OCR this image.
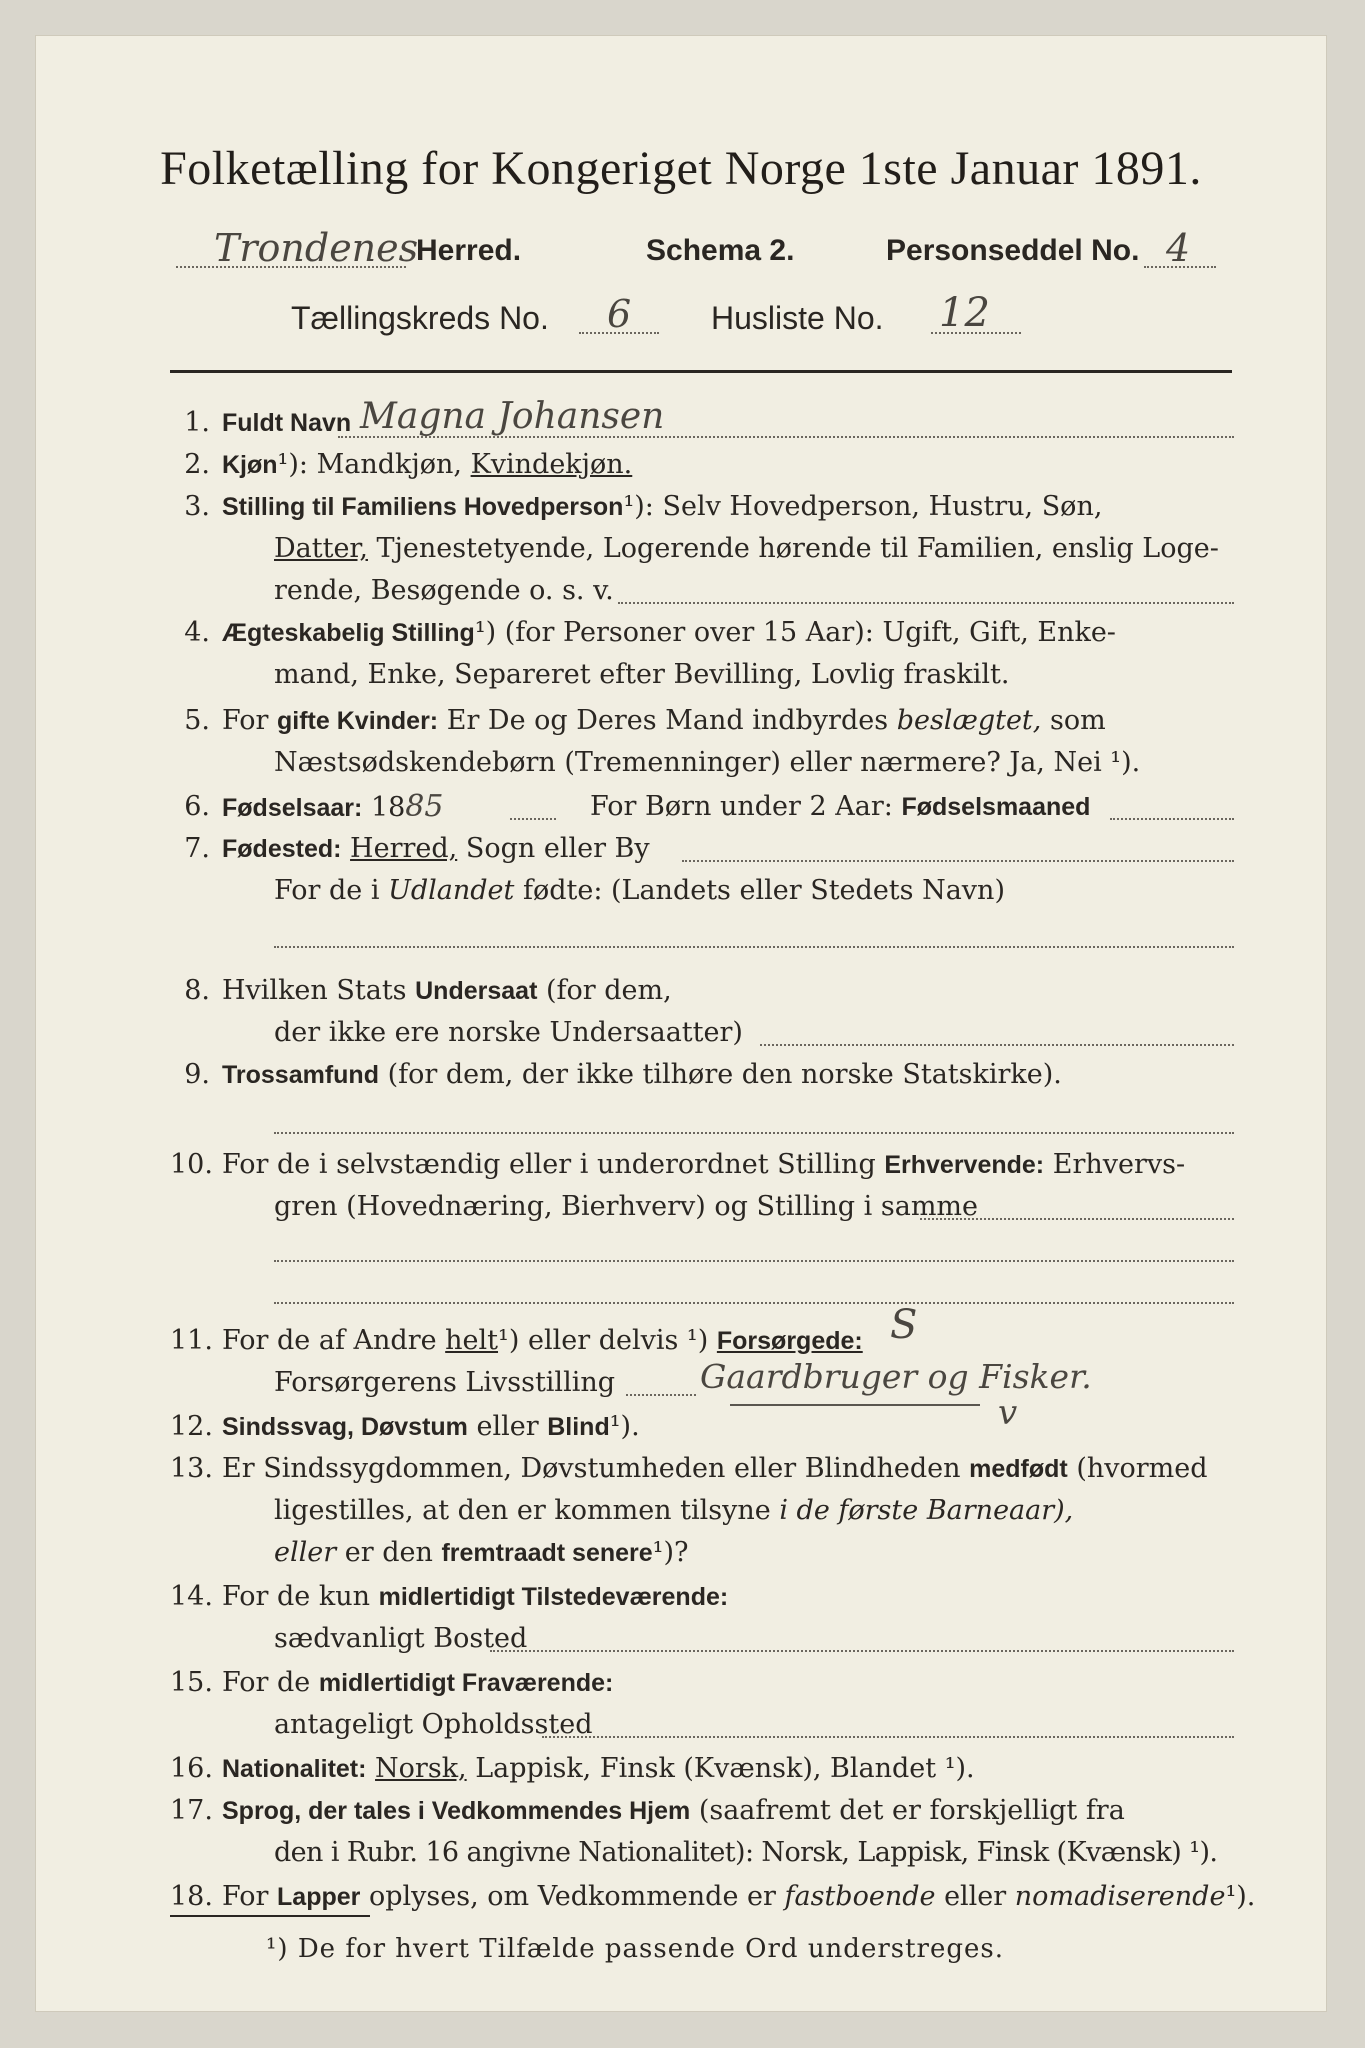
Folketælling for Kongeriget Norge 1ste Januar 1891.
Trondenes
Herred.	Schema 2.	Personseddel No. 4
Tællingskreds No. 6 Husliste No. 12
1. Fuldt Navn Magna Johansen
2. Kjøn¹): Mandkjøn, Kvindekjøn.
3. Stilling til Familiens Hovedperson¹): Selv Hovedperson, Hustru, Søn,
Datter, Tjenestetyende, Logerende hørende til Familien, enslig Loge-
rende, Besøgende o. s. v.
4. Ægteskabelig Stilling¹) (for Personer over 15 Aar): Ugift, Gift, Enke-
mand, Enke, Separeret efter Bevilling, Lovlig fraskilt.
5. For gifte Kvinder: Er De og Deres Mand indbyrdes beslægtet, som
Næstsødskendebørn (Tremenninger) eller nærmere? Ja, Nei ¹).
6. Fødselsaar: 1885	For Børn under 2 Aar: Fødselsmaaned
7. Fødested: Herred, Sogn eller By
For de i Udlandet fødte: (Landets eller Stedets Navn)
8. Hvilken Stats Undersaat (for dem,
der ikke ere norske Undersaatter)
9. Trossamfund (for dem, der ikke tilhøre den norske Statskirke).
10. For de i selvstændig eller i underordnet Stilling Erhvervende: Erhvervs-
gren (Hovednæring, Bierhverv) og Stilling i samme
11. For de af Andre helt¹) eller delvis ¹) Forsørgede: S
Forsørgerens Livsstilling	Gaardbruger og Fisker.
12. Sindssvag, Døvstum eller Blind¹).	v
13. Er Sindssygdommen, Døvstumheden eller Blindheden medfødt (hvormed
ligestilles, at den er kommen tilsyne i de første Barneaar),
eller er den fremtraadt senere¹)?
14. For de kun midlertidigt Tilstedeværende:
sædvanligt Bosted
15. For de midlertidigt Fraværende:
antageligt Opholdssted
16. Nationalitet: Norsk, Lappisk, Finsk (Kvænsk), Blandet ¹).
17. Sprog, der tales i Vedkommendes Hjem (saafremt det er forskjelligt fra
den i Rubr. 16 angivne Nationalitet): Norsk, Lappisk, Finsk (Kvænsk) ¹).
18. For Lapper oplyses, om Vedkommende er fastboende eller nomadiserende¹).
¹) De for hvert Tilfælde passende Ord understreges.
